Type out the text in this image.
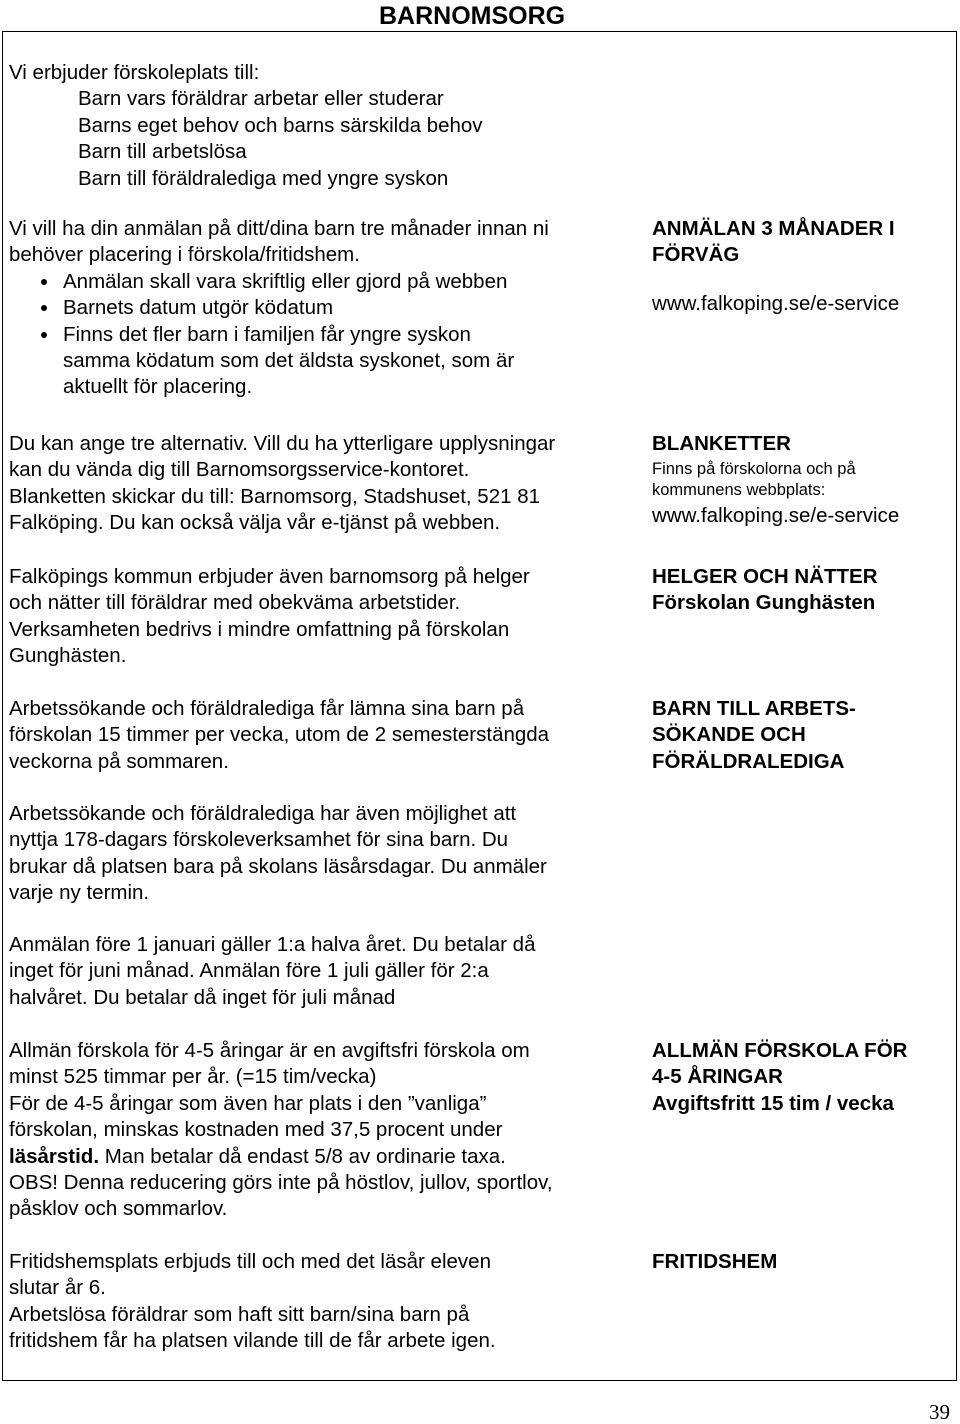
BARNOMSORG
Vi erbjuder förskoleplats till:
Barn vars föräldrar arbetar eller studerar
Barns eget behov och barns särskilda behov
Barn till arbetslösa
Barn till föräldralediga med yngre syskon
Vi vill ha din anmälan på ditt/dina barn tre månader innan ni
behöver placering i förskola/fritidshem.
Anmälan skall vara skriftlig eller gjord på webben
Barnets datum utgör ködatum
Finns det fler barn i familjen får yngre syskon
samma ködatum som det äldsta syskonet, som är
aktuellt för placering.
ANMÄLAN 3 MÅNADER I
FÖRVÄG
www.falkoping.se/e-service
Du kan ange tre alternativ. Vill du ha ytterligare upplysningar
kan du vända dig till Barnomsorgsservice-kontoret.
Blanketten skickar du till: Barnomsorg, Stadshuset, 521 81
Falköping. Du kan också välja vår e-tjänst på webben.
BLANKETTER
Finns på förskolorna och på
kommunens webbplats:
www.falkoping.se/e-service
Falköpings kommun erbjuder även barnomsorg på helger
och nätter till föräldrar med obekväma arbetstider.
Verksamheten bedrivs i mindre omfattning på förskolan
Gunghästen.
HELGER OCH NÄTTER
Förskolan Gunghästen
Arbetssökande och föräldralediga får lämna sina barn på
förskolan 15 timmer per vecka, utom de 2 semesterstängda
veckorna på sommaren.
BARN TILL ARBETS-
SÖKANDE OCH
FÖRÄLDRALEDIGA
Arbetssökande och föräldralediga har även möjlighet att
nyttja 178-dagars förskoleverksamhet för sina barn. Du
brukar då platsen bara på skolans läsårsdagar. Du anmäler
varje ny termin.
Anmälan före 1 januari gäller 1:a halva året. Du betalar då
inget för juni månad. Anmälan före 1 juli gäller för 2:a
halvåret. Du betalar då inget för juli månad
Allmän förskola för 4-5 åringar är en avgiftsfri förskola om
minst 525 timmar per år. (=15 tim/vecka)
För de 4-5 åringar som även har plats i den ”vanliga”
förskolan, minskas kostnaden med 37,5 procent under
läsårstid. Man betalar då endast 5/8 av ordinarie taxa.
OBS! Denna reducering görs inte på höstlov, jullov, sportlov,
påsklov och sommarlov.
ALLMÄN FÖRSKOLA FÖR
4-5 ÅRINGAR
Avgiftsfritt 15 tim / vecka
Fritidshemsplats erbjuds till och med det läsår eleven
slutar år 6.
Arbetslösa föräldrar som haft sitt barn/sina barn på
fritidshem får ha platsen vilande till de får arbete igen.
FRITIDSHEM
39
